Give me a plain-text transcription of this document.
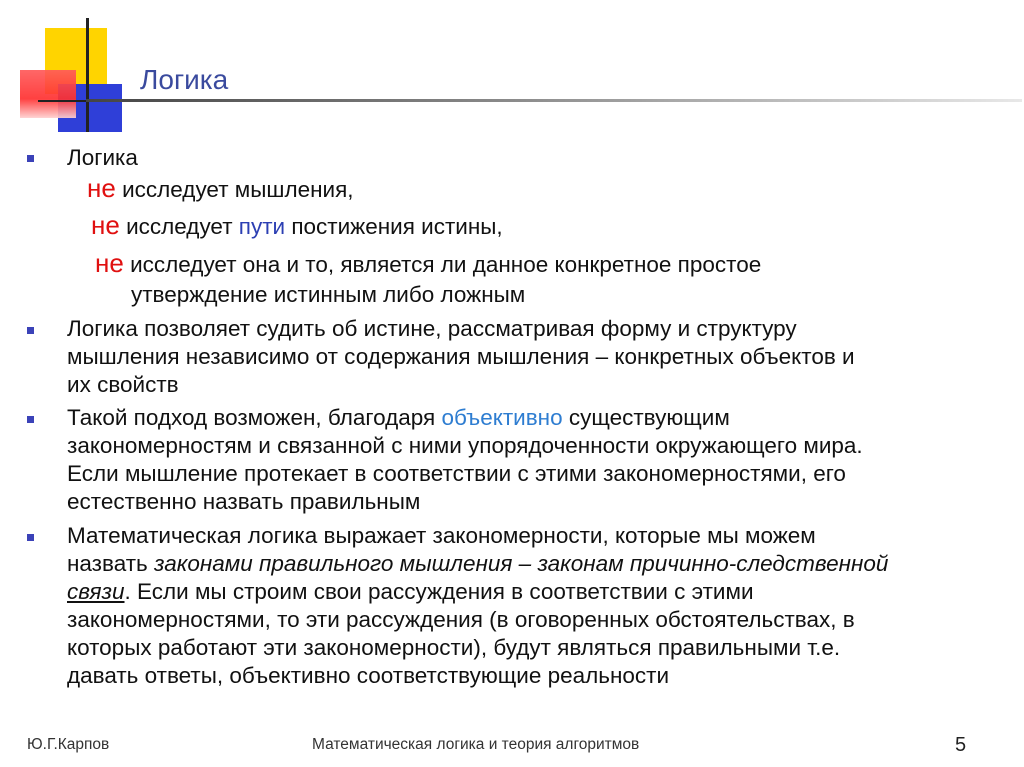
Логика
Логика
не исследует мышления,
не исследует пути постижения истины,
не исследует она и то, является ли данное конкретное простое
утверждение истинным либо ложным
Логика позволяет судить об истине, рассматривая форму и структуру
мышления независимо от содержания мышления – конкретных объектов и
их свойств
Такой подход возможен, благодаря объективно существующим
закономерностям и связанной с ними упорядоченности окружающего мира.
Если мышление протекает в соответствии с этими закономерностями, его
естественно назвать правильным
Математическая логика выражает закономерности, которые мы можем
назвать законами правильного мышления – законам причинно-следственной
связи. Если мы строим свои рассуждения в соответствии с этими
закономерностями, то эти рассуждения (в оговоренных обстоятельствах, в
которых работают эти закономерности), будут являться правильными т.е.
давать ответы, объективно соответствующие реальности
Ю.Г.Карпов	Математическая логика и теория алгоритмов	5
